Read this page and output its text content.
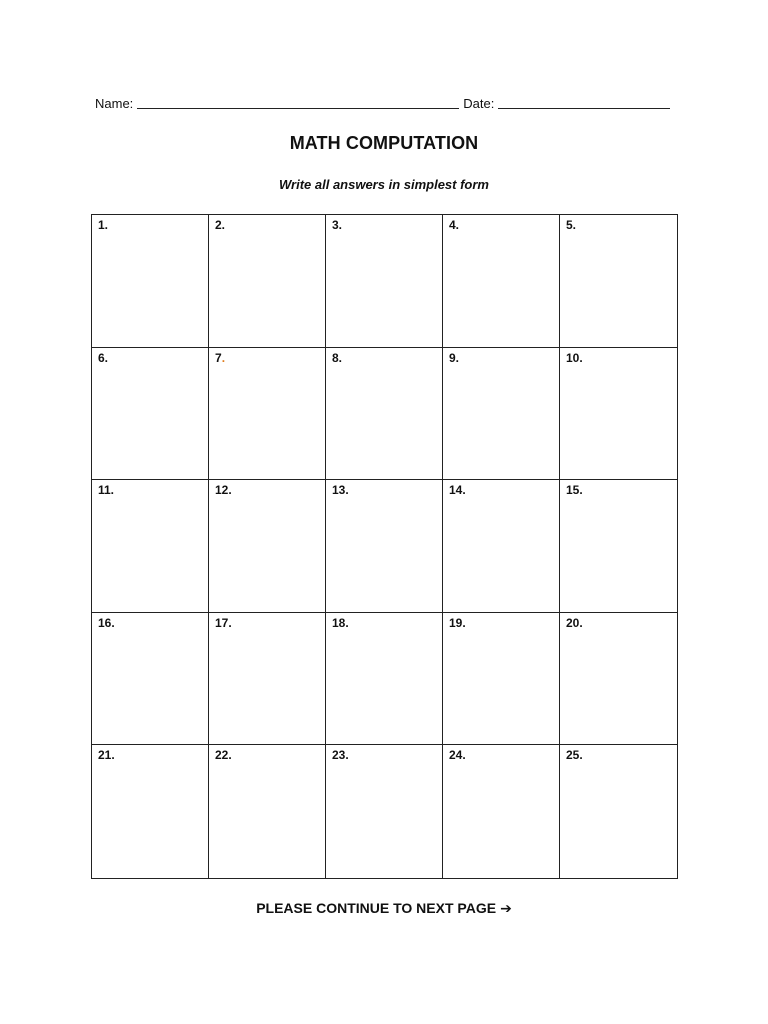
Name:	Date:
MATH COMPUTATION
Write all answers in simplest form
1.	2.	3.	4.	5.
6.	7.	8.	9.	10.
11.	12.	13.	14.	15.
16.	17.	18.	19.	20.
21.	22.	23.	24.	25.
PLEASE CONTINUE TO NEXT PAGE ➔
